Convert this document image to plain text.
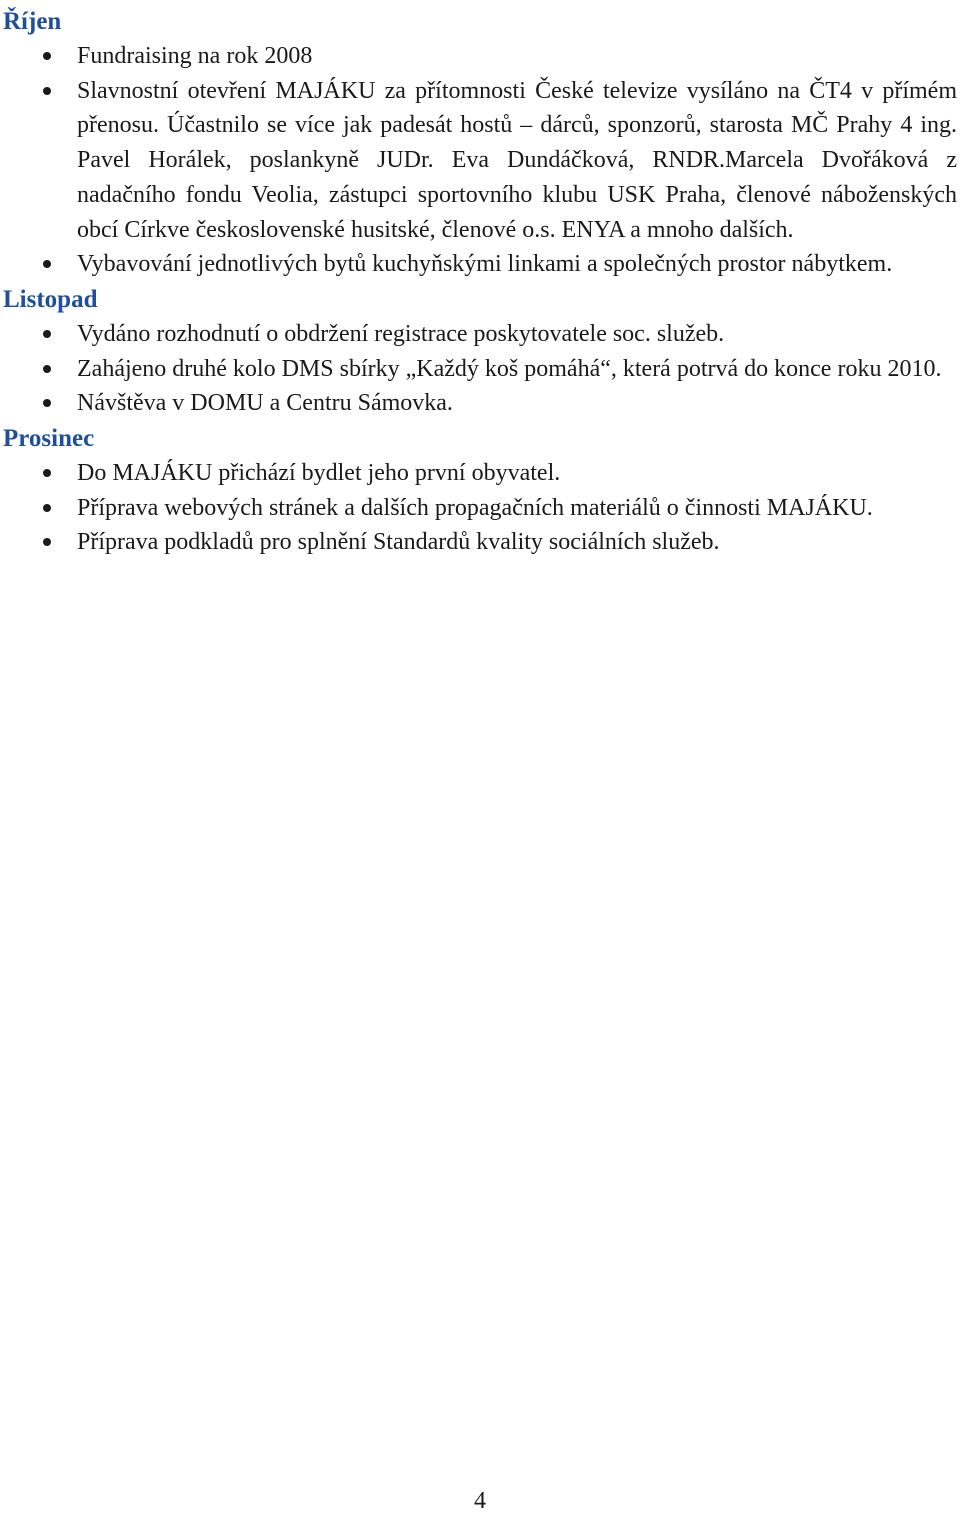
Říjen
Fundraising na rok 2008
Slavnostní otevření MAJÁKU za přítomnosti České televize vysíláno na ČT4 v přímém přenosu. Účastnilo se více jak padesát hostů – dárců, sponzorů, starosta MČ Prahy 4 ing. Pavel Horálek, poslankyně JUDr. Eva Dundáčková, RNDR.Marcela Dvořáková z nadačního fondu Veolia, zástupci sportovního klubu USK Praha, členové náboženských obcí Církve československé husitské, členové o.s. ENYA a mnoho dalších.
Vybavování jednotlivých bytů kuchyňskými linkami a společných prostor nábytkem.
Listopad
Vydáno rozhodnutí o obdržení registrace poskytovatele soc. služeb.
Zahájeno druhé kolo DMS sbírky „Každý koš pomáhá“, která potrvá do konce roku 2010.
Návštěva v DOMU a Centru Sámovka.
Prosinec
Do MAJÁKU přichází bydlet jeho první obyvatel.
Příprava webových stránek a dalších propagačních materiálů o činnosti MAJÁKU.
Příprava podkladů pro splnění Standardů kvality sociálních služeb.
4
